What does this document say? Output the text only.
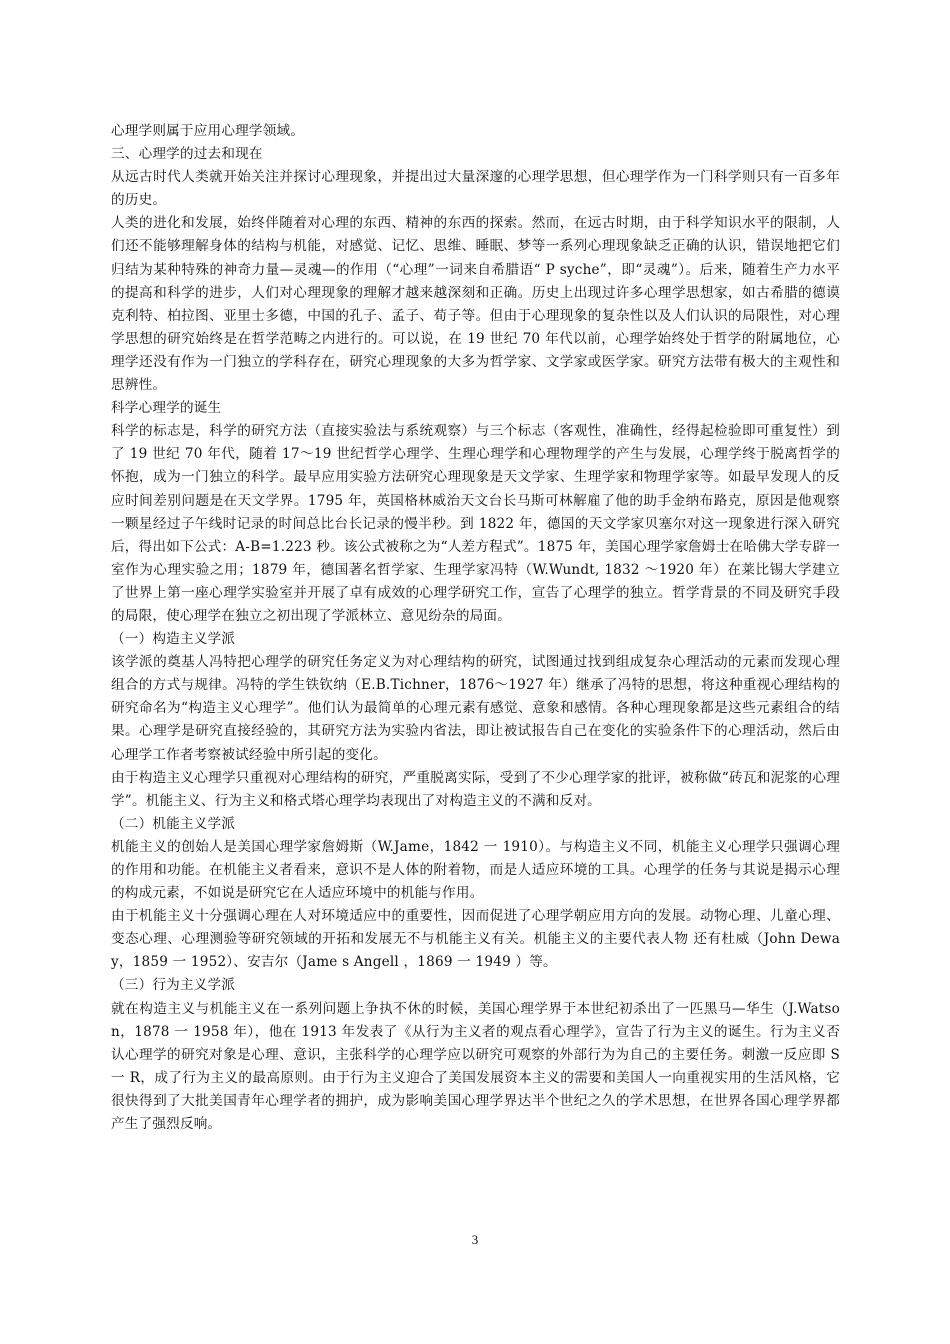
心理学则属于应用心理学领域。

三、心理学的过去和现在

从远古时代人类就开始关注并探讨心理现象，并提出过大量深邃的心理学思想，但心理学作为一门科学则只有一百多年的历史。

人类的进化和发展，始终伴随着对心理的东西、精神的东西的探索。然而，在远古时期，由于科学知识水平的限制，人们还不能够理解身体的结构与机能，对感觉、记忆、思维、睡眠、梦等一系列心理现象缺乏正确的认识，错误地把它们归结为某种特殊的神奇力量—灵魂—的作用（“心理”一词来自希腊语“ P syche”，即“灵魂”）。后来，随着生产力水平的提高和科学的进步，人们对心理现象的理解才越来越深刻和正确。历史上出现过许多心理学思想家，如古希腊的德谟克利特、柏拉图、亚里士多德，中国的孔子、孟子、荀子等。但由于心理现象的复杂性以及人们认识的局限性，对心理学思想的研究始终是在哲学范畴之内进行的。可以说，在 19 世纪 70 年代以前，心理学始终处于哲学的附属地位，心理学还没有作为一门独立的学科存在，研究心理现象的大多为哲学家、文学家或医学家。研究方法带有极大的主观性和思辨性。

科学心理学的诞生

科学的标志是，科学的研究方法（直接实验法与系统观察）与三个标志（客观性，准确性，经得起检验即可重复性）到了 19 世纪 70 年代，随着 17～19 世纪哲学心理学、生理心理学和心理物理学的产生与发展，心理学终于脱离哲学的怀抱，成为一门独立的科学。最早应用实验方法研究心理现象是天文学家、生理学家和物理学家等。如最早发现人的反应时间差别问题是在天文学界。1795 年，英国格林威治天文台长马斯可林解雇了他的助手金纳布路克，原因是他观察一颗星经过子午线时记录的时间总比台长记录的慢半秒。到 1822 年，德国的天文学家贝塞尔对这一现象进行深入研究后，得出如下公式：A-B=1.223 秒。该公式被称之为“人差方程式”。1875 年，美国心理学家詹姆士在哈佛大学专辟一室作为心理实验之用；1879 年，德国著名哲学家、生理学家冯特（W.Wundt, 1832 ～1920 年）在莱比锡大学建立了世界上第一座心理学实验室并开展了卓有成效的心理学研究工作，宣告了心理学的独立。哲学背景的不同及研究手段的局限，使心理学在独立之初出现了学派林立、意见纷杂的局面。

（一）构造主义学派

该学派的奠基人冯特把心理学的研究任务定义为对心理结构的研究，试图通过找到组成复杂心理活动的元素而发现心理组合的方式与规律。冯特的学生铁钦纳（E.B.Tichner，1876～1927 年）继承了冯特的思想，将这种重视心理结构的研究命名为“构造主义心理学”。他们认为最简单的心理元素有感觉、意象和感情。各种心理现象都是这些元素组合的结果。心理学是研究直接经验的，其研究方法为实验内省法，即让被试报告自己在变化的实验条件下的心理活动，然后由心理学工作者考察被试经验中所引起的变化。

由于构造主义心理学只重视对心理结构的研究，严重脱离实际，受到了不少心理学家的批评，被称做“砖瓦和泥浆的心理学”。机能主义、行为主义和格式塔心理学均表现出了对构造主义的不满和反对。

（二）机能主义学派

机能主义的创始人是美国心理学家詹姆斯（W.Jame，1842 一 1910）。与构造主义不同，机能主义心理学只强调心理的作用和功能。在机能主义者看来，意识不是人体的附着物，而是人适应环境的工具。心理学的任务与其说是揭示心理的构成元素，不如说是研究它在人适应环境中的机能与作用。

由于机能主义十分强调心理在人对环境适应中的重要性，因而促进了心理学朝应用方向的发展。动物心理、儿童心理、变态心理、心理测验等研究领域的开拓和发展无不与机能主义有关。机能主义的主要代表人物 还有杜威（John Deway，1859 一 1952）、安吉尔（Jame s Angell ，1869 一 1949 ）等。

（三）行为主义学派

就在构造主义与机能主义在一系列问题上争执不休的时候，美国心理学界于本世纪初杀出了一匹黑马—华生（J.Watson，1878 一 1958 年），他在 1913 年发表了《从行为主义者的观点看心理学》，宣告了行为主义的诞生。行为主义否认心理学的研究对象是心理、意识，主张科学的心理学应以研究可观察的外部行为为自己的主要任务。刺激一反应即 S 一 R，成了行为主义的最高原则。由于行为主义迎合了美国发展资本主义的需要和美国人一向重视实用的生活风格，它很快得到了大批美国青年心理学者的拥护，成为影响美国心理学界达半个世纪之久的学术思想，在世界各国心理学界都产生了强烈反响。

3
